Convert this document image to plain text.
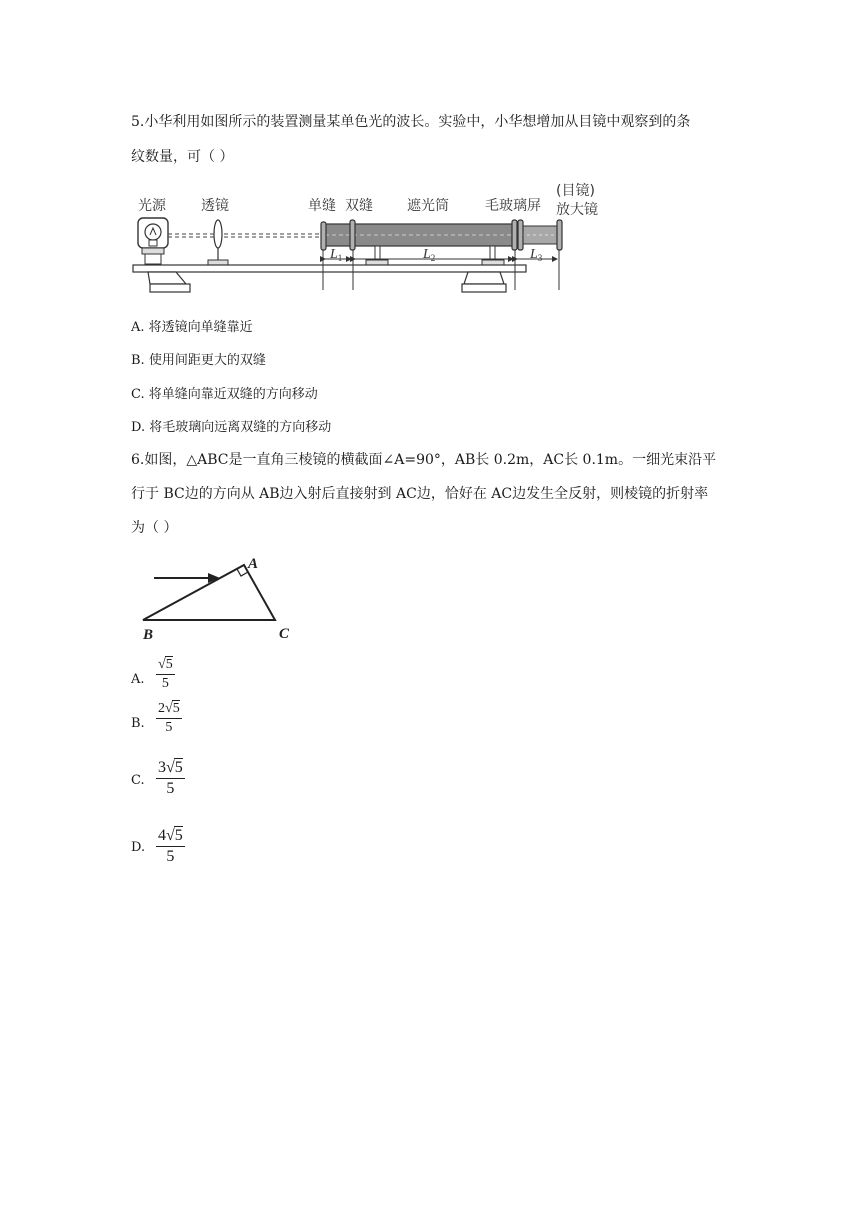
5.小华利用如图所示的装置测量某单色光的波长。实验中，小华想增加从目镜中观察到的条
纹数量，可（ ）
光源	透镜	单缝 双缝 遮光筒	毛玻璃屏
(目镜)
放大镜
$L_1$	$L_2$	$L_3$
A. 将透镜向单缝靠近
B. 使用间距更大的双缝
C. 将单缝向靠近双缝的方向移动
D. 将毛玻璃向远离双缝的方向移动
6.如图，△ABC是一直角三棱镜的横截面∠A=90°，AB长 0.2m，AC长 0.1m。一细光束沿平
行于 BC边的方向从 AB边入射后直接射到 AC边，恰好在 AC边发生全反射，则棱镜的折射率
为（ ）
A
B	C
A. $\frac{√5}{5}$
B. $\frac{2√5}{5}$
C. $\frac{3√5}{5}$
D. $\frac{4√5}{5}$
